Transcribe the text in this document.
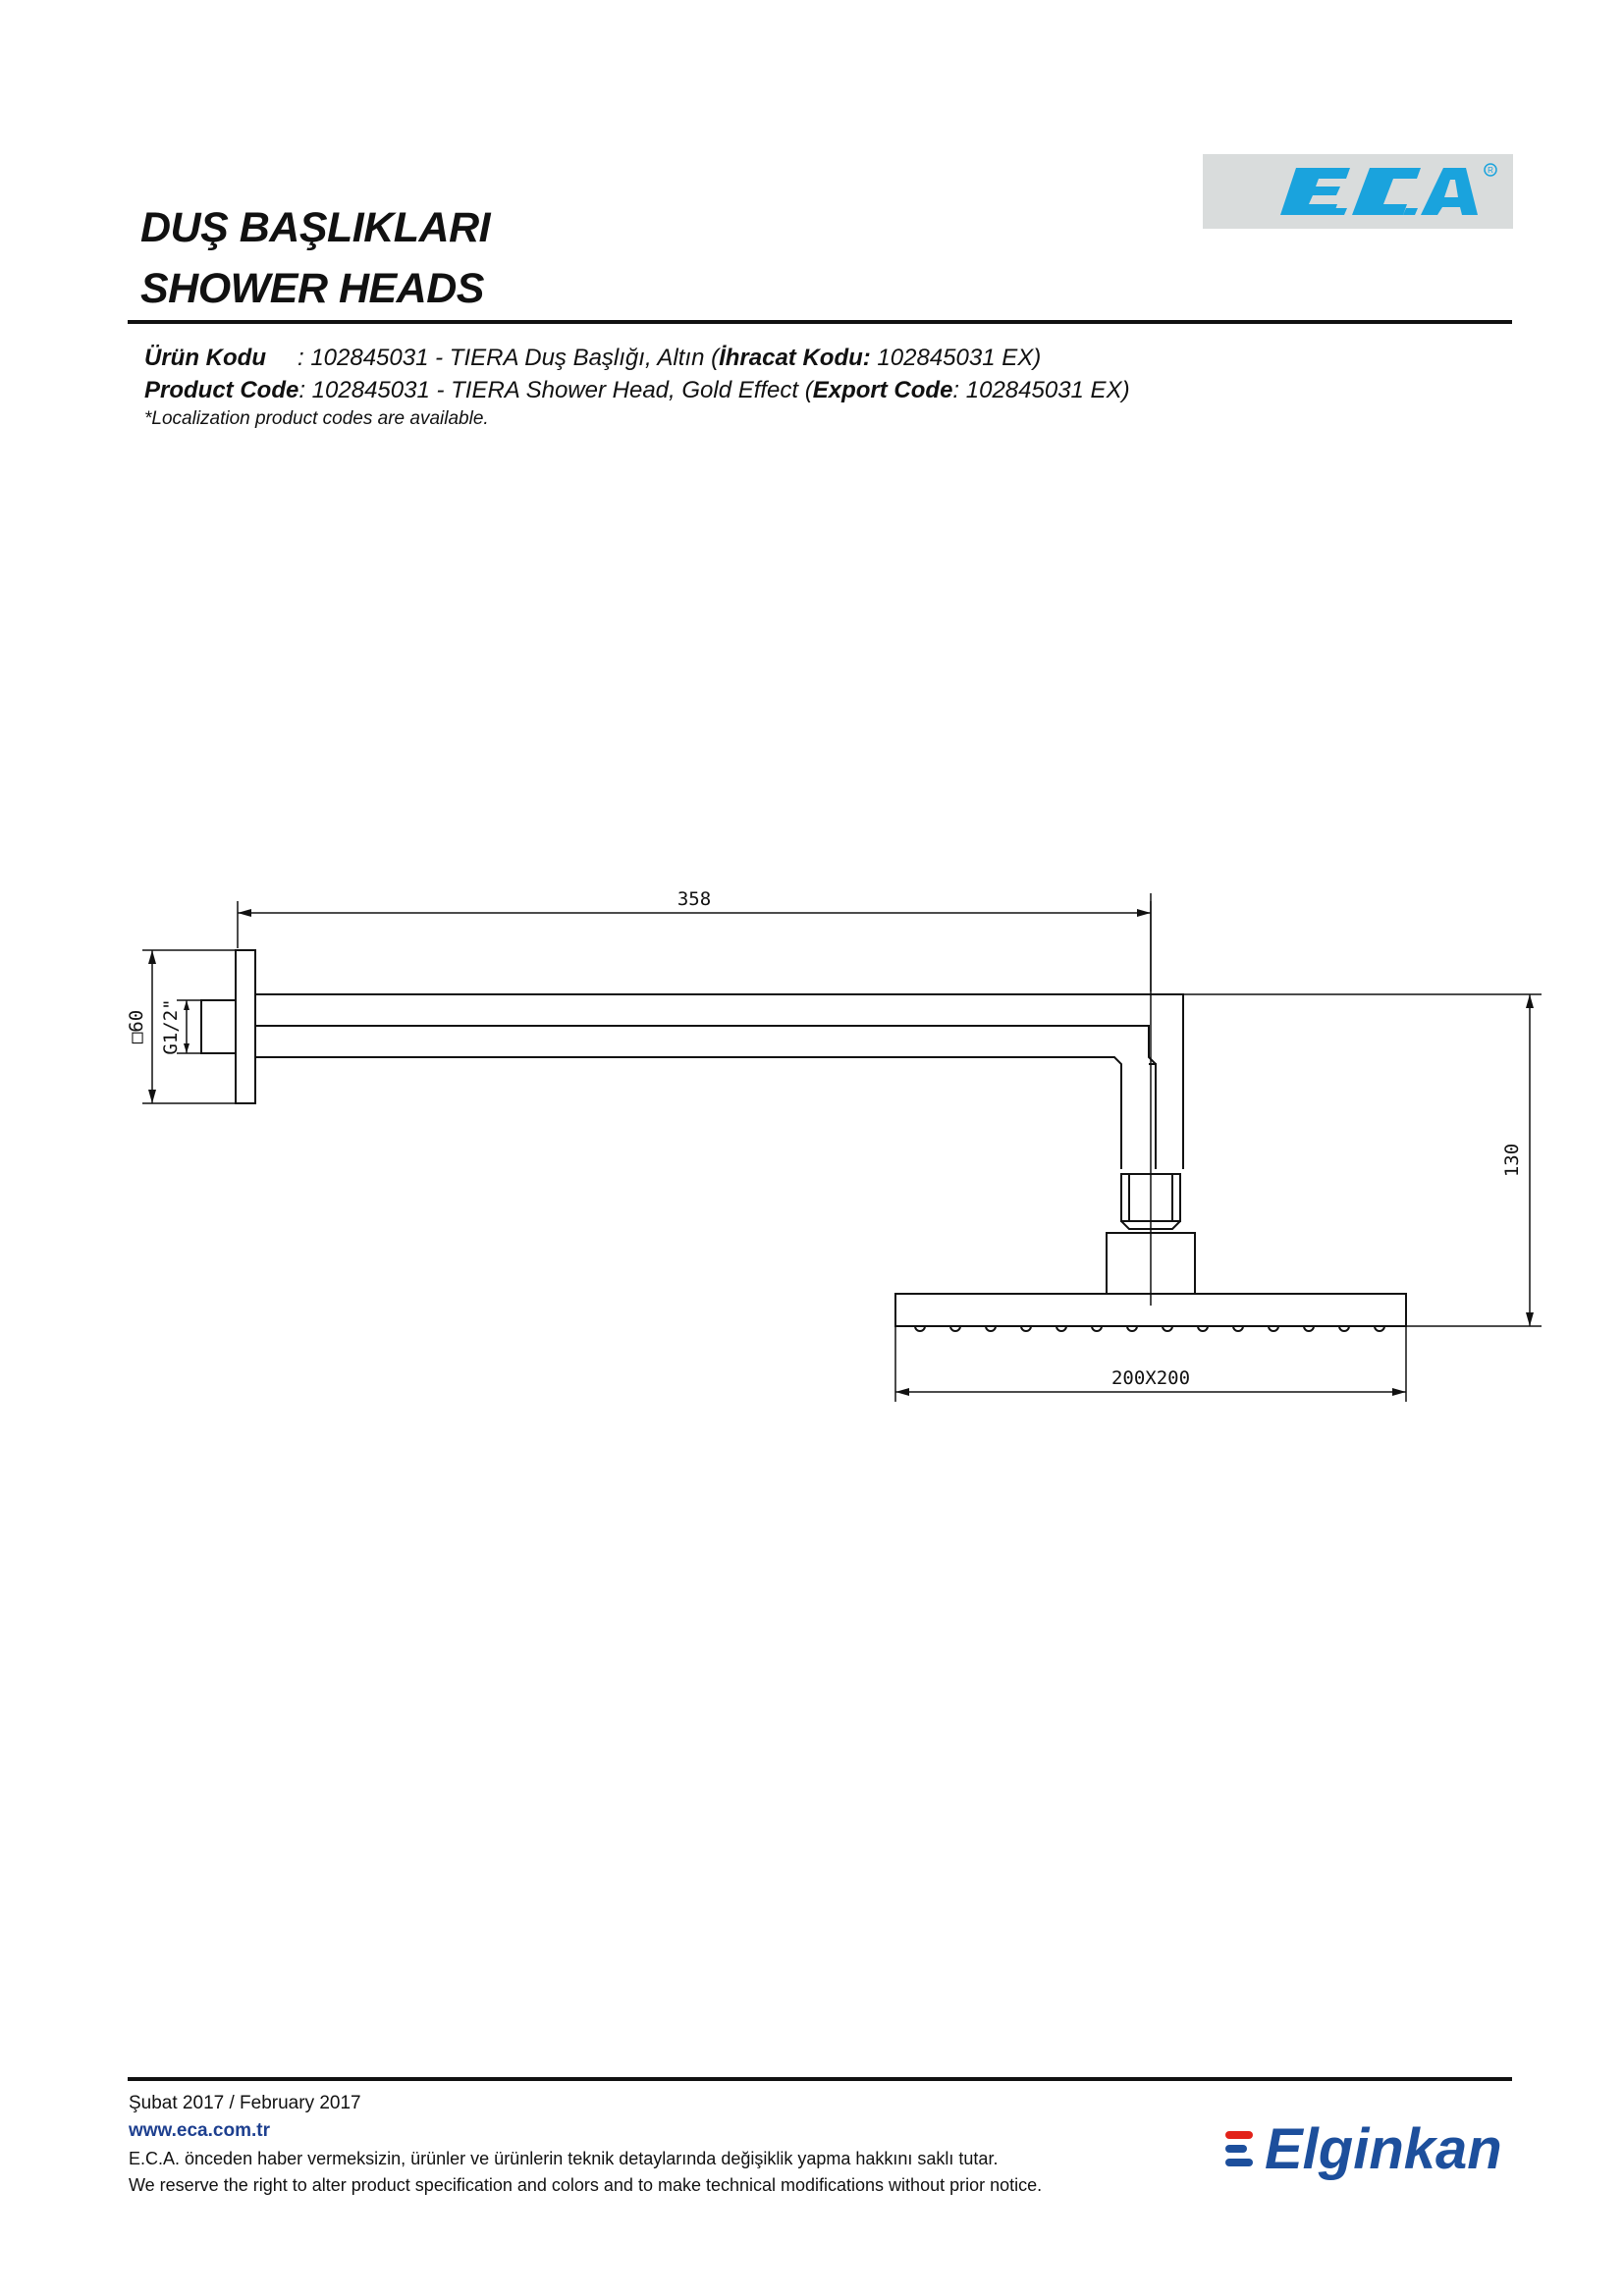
R
DUŞ BAŞLIKLARI
SHOWER HEADS
Ürün Kodu : 102845031 - TIERA Duş Başlığı, Altın (İhracat Kodu: 102845031 EX)
Product Code: 102845031 - TIERA Shower Head, Gold Effect (Export Code: 102845031 EX)
*Localization product codes are available.
358
200X200
130
□60 G1/2"
Şubat 2017 / February 2017
www.eca.com.tr
E.C.A. önceden haber vermeksizin, ürünler ve ürünlerin teknik detaylarında değişiklik yapma hakkını saklı tutar.
We reserve the right to alter product specification and colors and to make technical modifications without prior notice.
Elginkan
